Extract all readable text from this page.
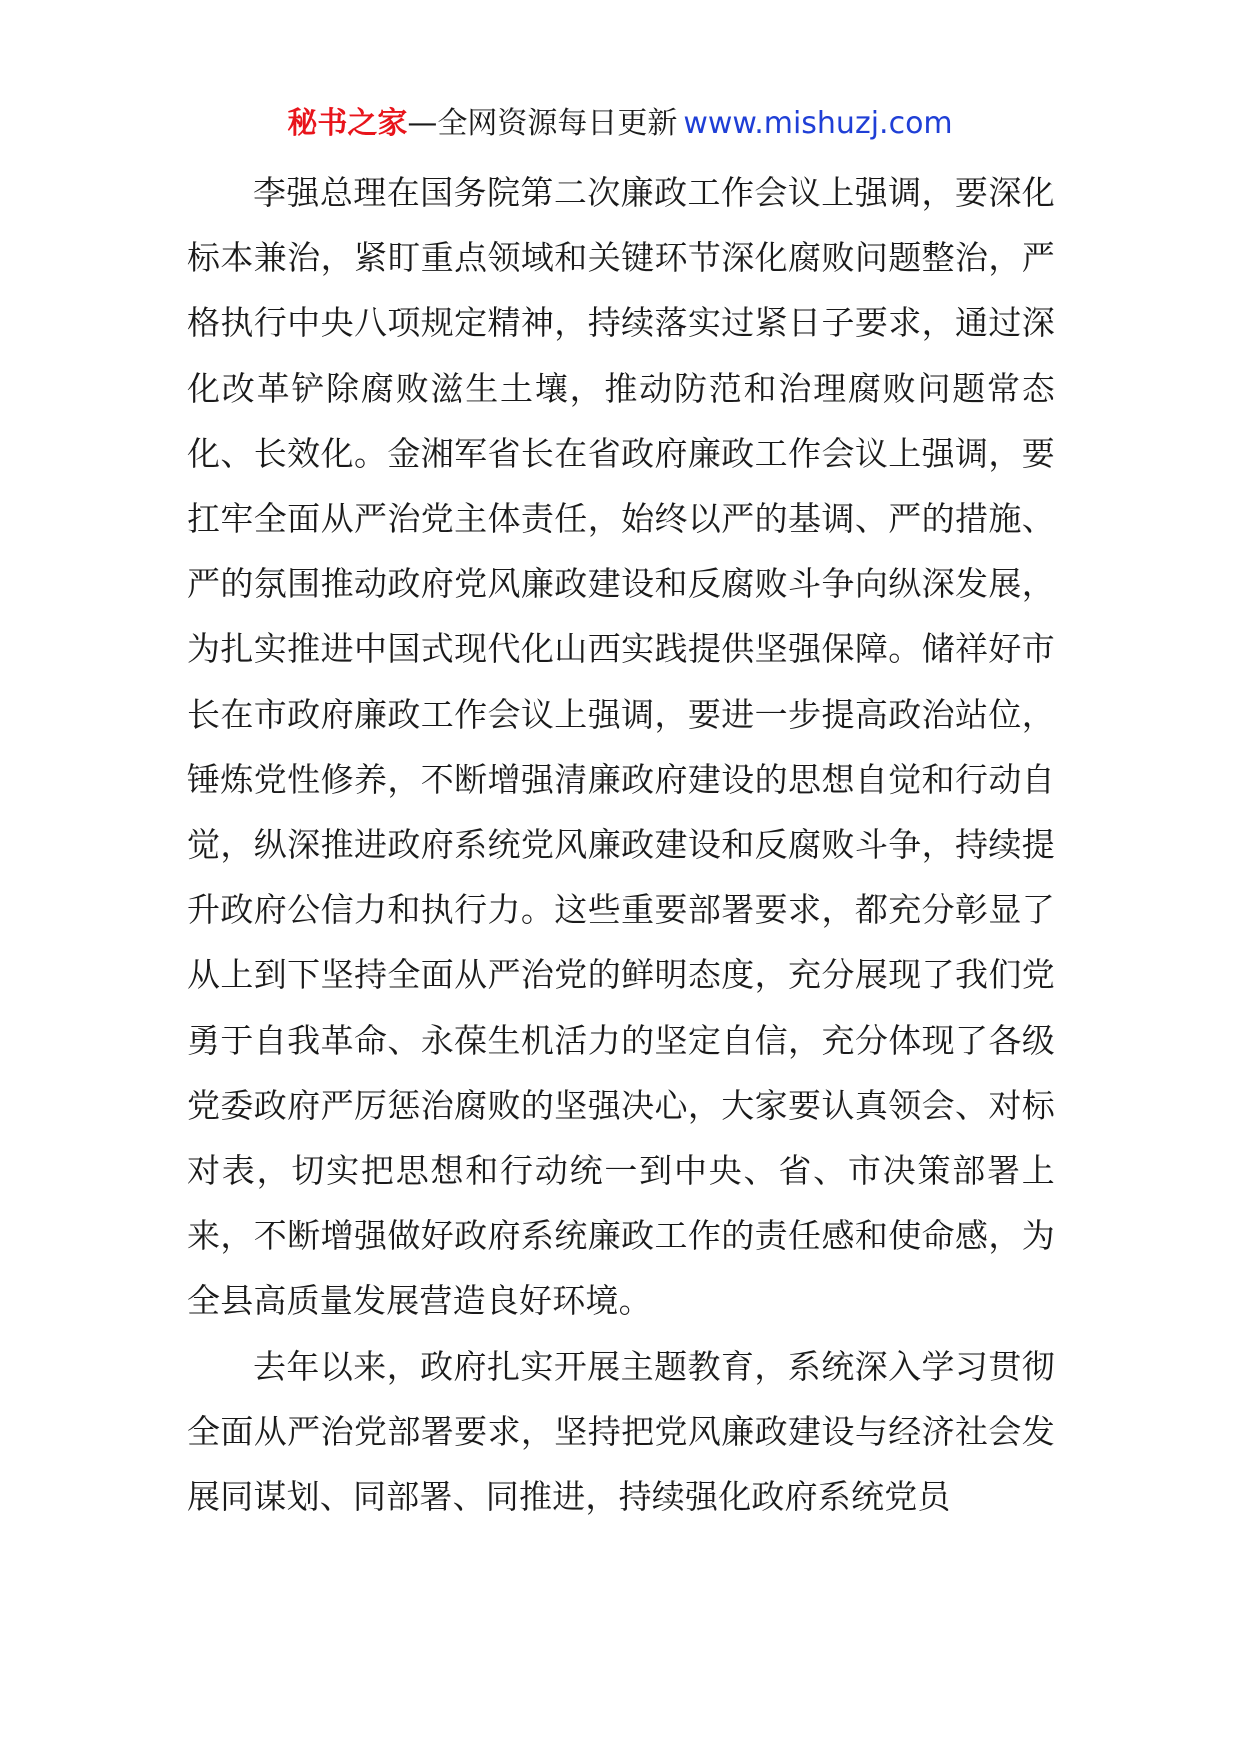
秘书之家—全网资源每日更新 www.mishuzj.com

李强总理在国务院第二次廉政工作会议上强调，要深化标本兼治，紧盯重点领域和关键环节深化腐败问题整治，严格执行中央八项规定精神，持续落实过紧日子要求，通过深化改革铲除腐败滋生土壤，推动防范和治理腐败问题常态化、长效化。金湘军省长在省政府廉政工作会议上强调，要扛牢全面从严治党主体责任，始终以严的基调、严的措施、严的氛围推动政府党风廉政建设和反腐败斗争向纵深发展，为扎实推进中国式现代化山西实践提供坚强保障。储祥好市长在市政府廉政工作会议上强调，要进一步提高政治站位，锤炼党性修养，不断增强清廉政府建设的思想自觉和行动自觉，纵深推进政府系统党风廉政建设和反腐败斗争，持续提升政府公信力和执行力。这些重要部署要求，都充分彰显了从上到下坚持全面从严治党的鲜明态度，充分展现了我们党勇于自我革命、永葆生机活力的坚定自信，充分体现了各级党委政府严厉惩治腐败的坚强决心，大家要认真领会、对标对表，切实把思想和行动统一到中央、省、市决策部署上来，不断增强做好政府系统廉政工作的责任感和使命感，为全县高质量发展营造良好环境。

去年以来，政府扎实开展主题教育，系统深入学习贯彻全面从严治党部署要求，坚持把党风廉政建设与经济社会发展同谋划、同部署、同推进，持续强化政府系统党员
